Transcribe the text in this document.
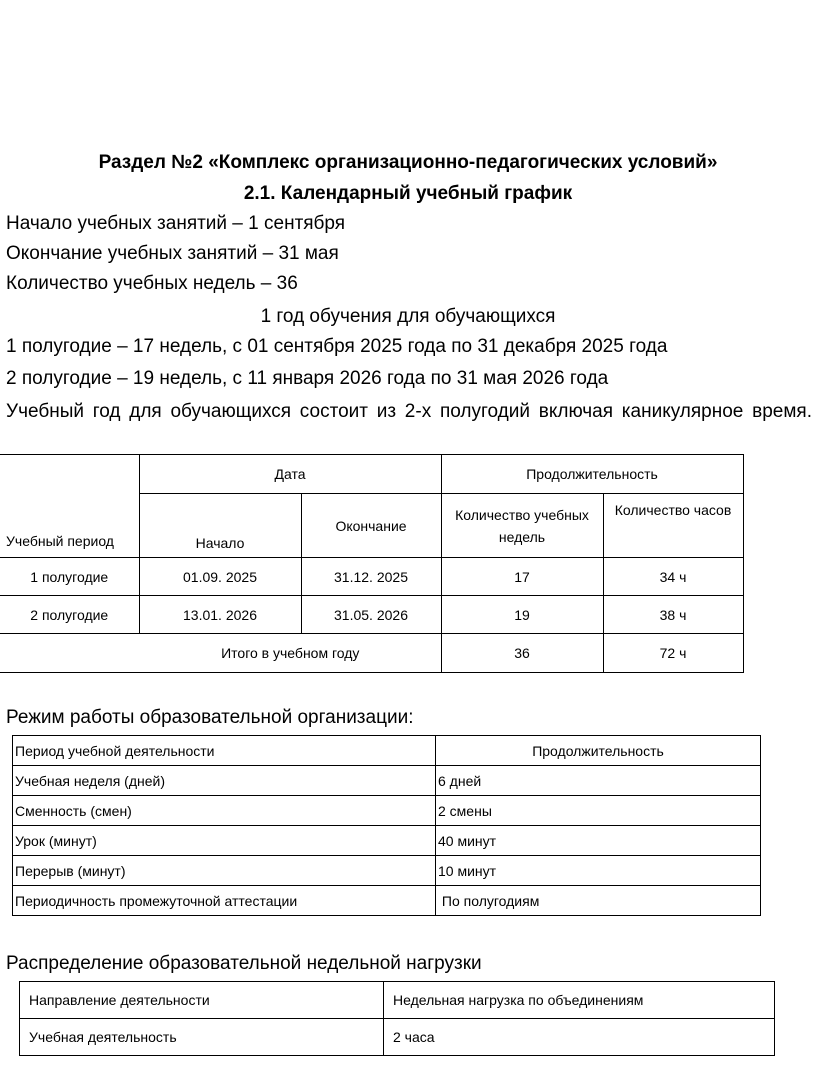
Раздел №2 «Комплекс организационно-педагогических условий»
2.1. Календарный учебный график
Начало учебных занятий – 1 сентября
Окончание учебных занятий – 31 мая
Количество учебных недель – 36
1 год обучения для обучающихся
1 полугодие – 17 недель, с 01 сентября 2025 года по 31 декабря 2025 года
2 полугодие – 19 недель, с 11 января 2026 года по 31 мая 2026 года
Учебный год для обучающихся состоит из 2-х полугодий включая каникулярное время.
Учебный период	Дата		Продолжительность	
	Начало	Окончание	Количество учебных недель	Количество часов
1 полугодие	01.09. 2025	31.12. 2025	17	34 ч
2 полугодие	13.01. 2026	31.05. 2026	19	38 ч
Итого в учебном году			36	72 ч
Режим работы образовательной организации:
Период учебной деятельности	Продолжительность
Учебная неделя (дней)	6 дней
Сменность (смен)	2 смены
Урок (минут)	40 минут
Перерыв (минут)	10 минут
Периодичность промежуточной аттестации	По полугодиям
Распределение образовательной недельной нагрузки
Направление деятельности	Недельная нагрузка по объединениям
Учебная деятельность	2 часа
